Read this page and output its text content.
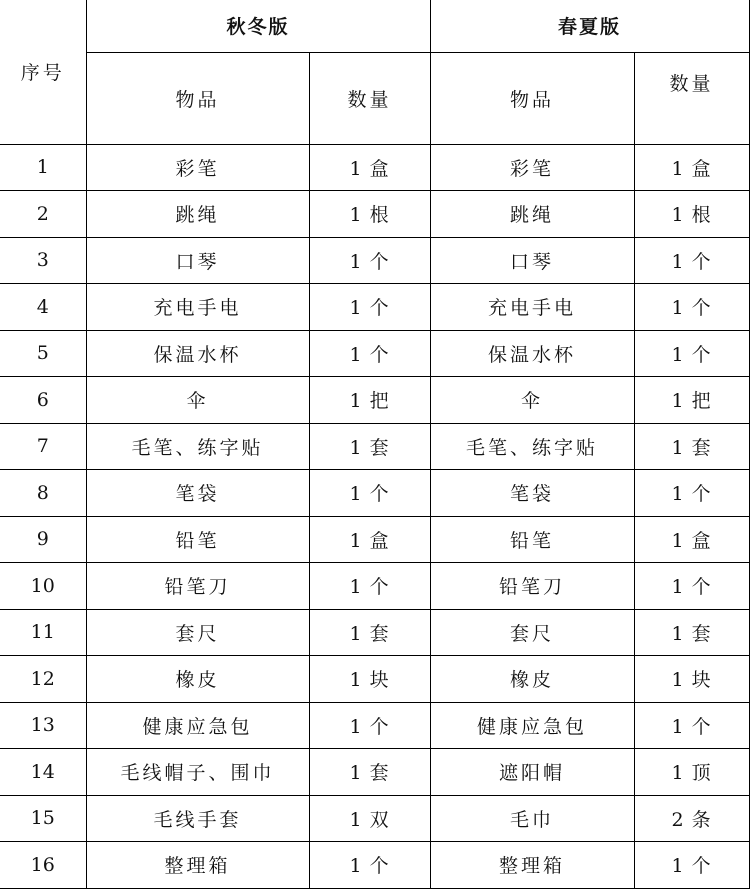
序号	秋冬版		春夏版	
	物品	数量	物品	数量
1	彩笔	1 盒	彩笔	1 盒
2	跳绳	1 根	跳绳	1 根
3	口琴	1 个	口琴	1 个
4	充电手电	1 个	充电手电	1 个
5	保温水杯	1 个	保温水杯	1 个
6	伞	1 把	伞	1 把
7	毛笔、练字贴	1 套	毛笔、练字贴	1 套
8	笔袋	1 个	笔袋	1 个
9	铅笔	1 盒	铅笔	1 盒
10	铅笔刀	1 个	铅笔刀	1 个
11	套尺	1 套	套尺	1 套
12	橡皮	1 块	橡皮	1 块
13	健康应急包	1 个	健康应急包	1 个
14	毛线帽子、围巾	1 套	遮阳帽	1 顶
15	毛线手套	1 双	毛巾	2 条
16	整理箱	1 个	整理箱	1 个
